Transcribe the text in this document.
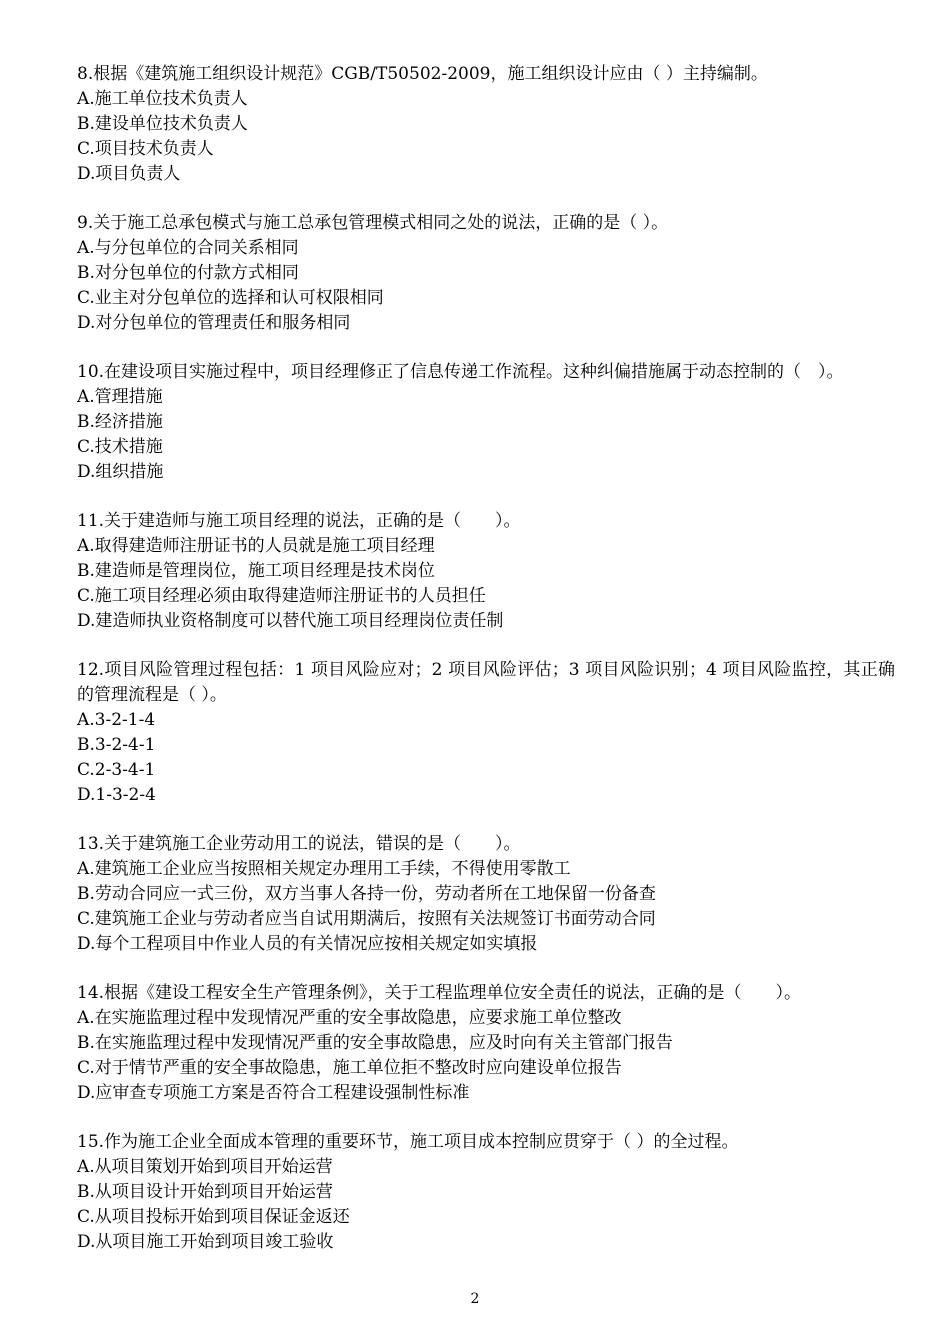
8.根据《建筑施工组织设计规范》CGB/T50502-2009，施工组织设计应由（ ）主持编制。

A.施工单位技术负责人

B.建设单位技术负责人

C.项目技术负责人

D.项目负责人

9.关于施工总承包模式与施工总承包管理模式相同之处的说法，正确的是（ ）。

A.与分包单位的合同关系相同

B.对分包单位的付款方式相同

C.业主对分包单位的选择和认可权限相同

D.对分包单位的管理责任和服务相同

10.在建设项目实施过程中，项目经理修正了信息传递工作流程。这种纠偏措施属于动态控制的（　）。

A.管理措施

B.经济措施

C.技术措施

D.组织措施

11.关于建造师与施工项目经理的说法，正确的是（　　）。

A.取得建造师注册证书的人员就是施工项目经理

B.建造师是管理岗位，施工项目经理是技术岗位

C.施工项目经理必须由取得建造师注册证书的人员担任

D.建造师执业资格制度可以替代施工项目经理岗位责任制

12.项目风险管理过程包括：1 项目风险应对；2 项目风险评估；3 项目风险识别；4 项目风险监控，其正确的管理流程是（ ）。

A.3-2-1-4

B.3-2-4-1

C.2-3-4-1

D.1-3-2-4

13.关于建筑施工企业劳动用工的说法，错误的是（　　）。

A.建筑施工企业应当按照相关规定办理用工手续，不得使用零散工

B.劳动合同应一式三份，双方当事人各持一份，劳动者所在工地保留一份备查

C.建筑施工企业与劳动者应当自试用期满后，按照有关法规签订书面劳动合同

D.每个工程项目中作业人员的有关情况应按相关规定如实填报

14.根据《建设工程安全生产管理条例》，关于工程监理单位安全责任的说法，正确的是（　　）。

A.在实施监理过程中发现情况严重的安全事故隐患，应要求施工单位整改

B.在实施监理过程中发现情况严重的安全事故隐患，应及时向有关主管部门报告

C.对于情节严重的安全事故隐患，施工单位拒不整改时应向建设单位报告

D.应审查专项施工方案是否符合工程建设强制性标准

15.作为施工企业全面成本管理的重要环节，施工项目成本控制应贯穿于（ ）的全过程。

A.从项目策划开始到项目开始运营

B.从项目设计开始到项目开始运营

C.从项目投标开始到项目保证金返还

D.从项目施工开始到项目竣工验收

2
